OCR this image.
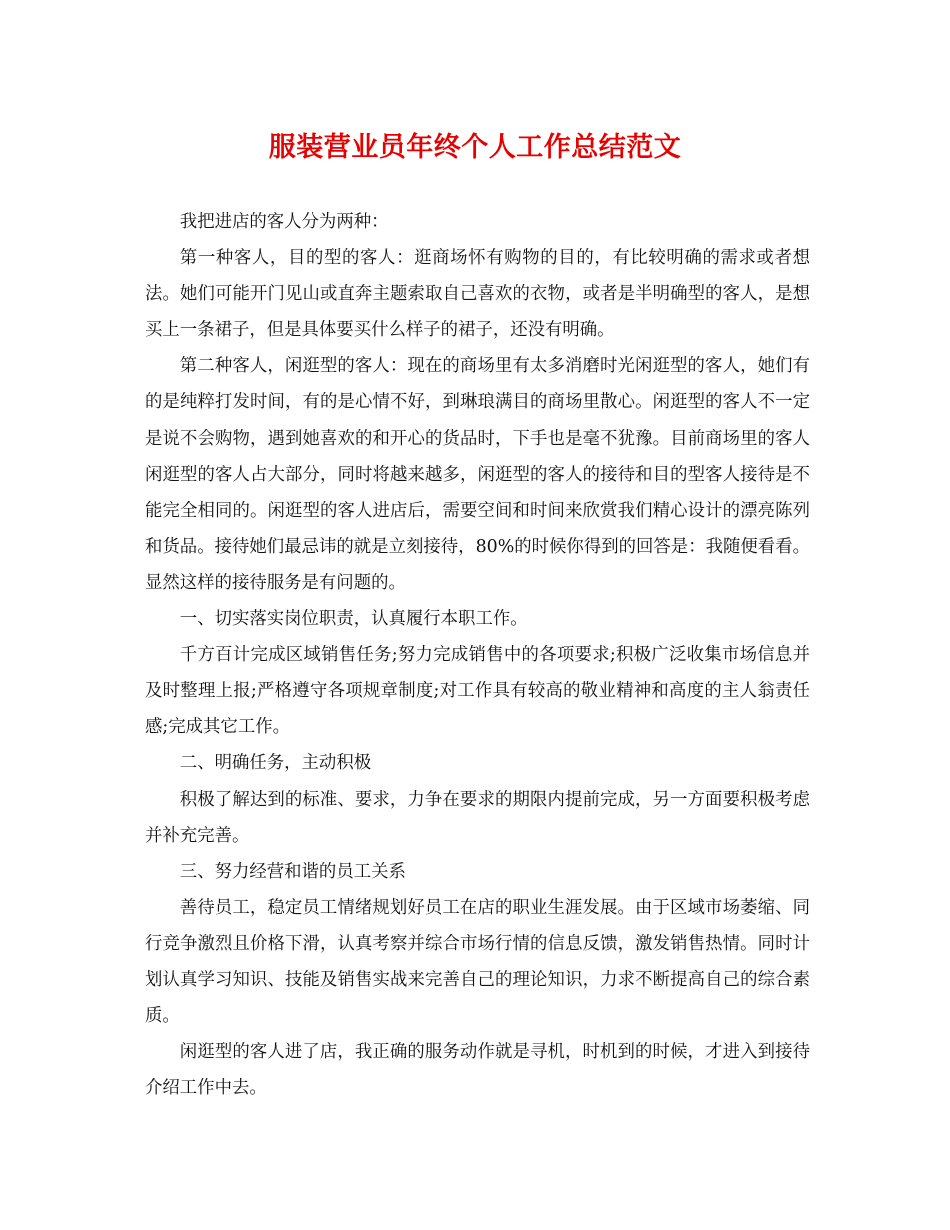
服装营业员年终个人工作总结范文

我把进店的客人分为两种：

第一种客人，目的型的客人：逛商场怀有购物的目的，有比较明确的需求或者想法。她们可能开门见山或直奔主题索取自己喜欢的衣物，或者是半明确型的客人，是想买上一条裙子，但是具体要买什么样子的裙子，还没有明确。

第二种客人，闲逛型的客人：现在的商场里有太多消磨时光闲逛型的客人，她们有的是纯粹打发时间，有的是心情不好，到琳琅满目的商场里散心。闲逛型的客人不一定是说不会购物，遇到她喜欢的和开心的货品时，下手也是毫不犹豫。目前商场里的客人闲逛型的客人占大部分，同时将越来越多，闲逛型的客人的接待和目的型客人接待是不能完全相同的。闲逛型的客人进店后，需要空间和时间来欣赏我们精心设计的漂亮陈列和货品。接待她们最忌讳的就是立刻接待，80%的时候你得到的回答是：我随便看看。显然这样的接待服务是有问题的。

一、切实落实岗位职责，认真履行本职工作。

千方百计完成区域销售任务;努力完成销售中的各项要求;积极广泛收集市场信息并及时整理上报;严格遵守各项规章制度;对工作具有较高的敬业精神和高度的主人翁责任感;完成其它工作。

二、明确任务，主动积极

积极了解达到的标准、要求，力争在要求的期限内提前完成，另一方面要积极考虑并补充完善。

三、努力经营和谐的员工关系

善待员工，稳定员工情绪规划好员工在店的职业生涯发展。由于区域市场萎缩、同行竞争激烈且价格下滑，认真考察并综合市场行情的信息反馈，激发销售热情。同时计划认真学习知识、技能及销售实战来完善自己的理论知识，力求不断提高自己的综合素质。

闲逛型的客人进了店，我正确的服务动作就是寻机，时机到的时候，才进入到接待介绍工作中去。
